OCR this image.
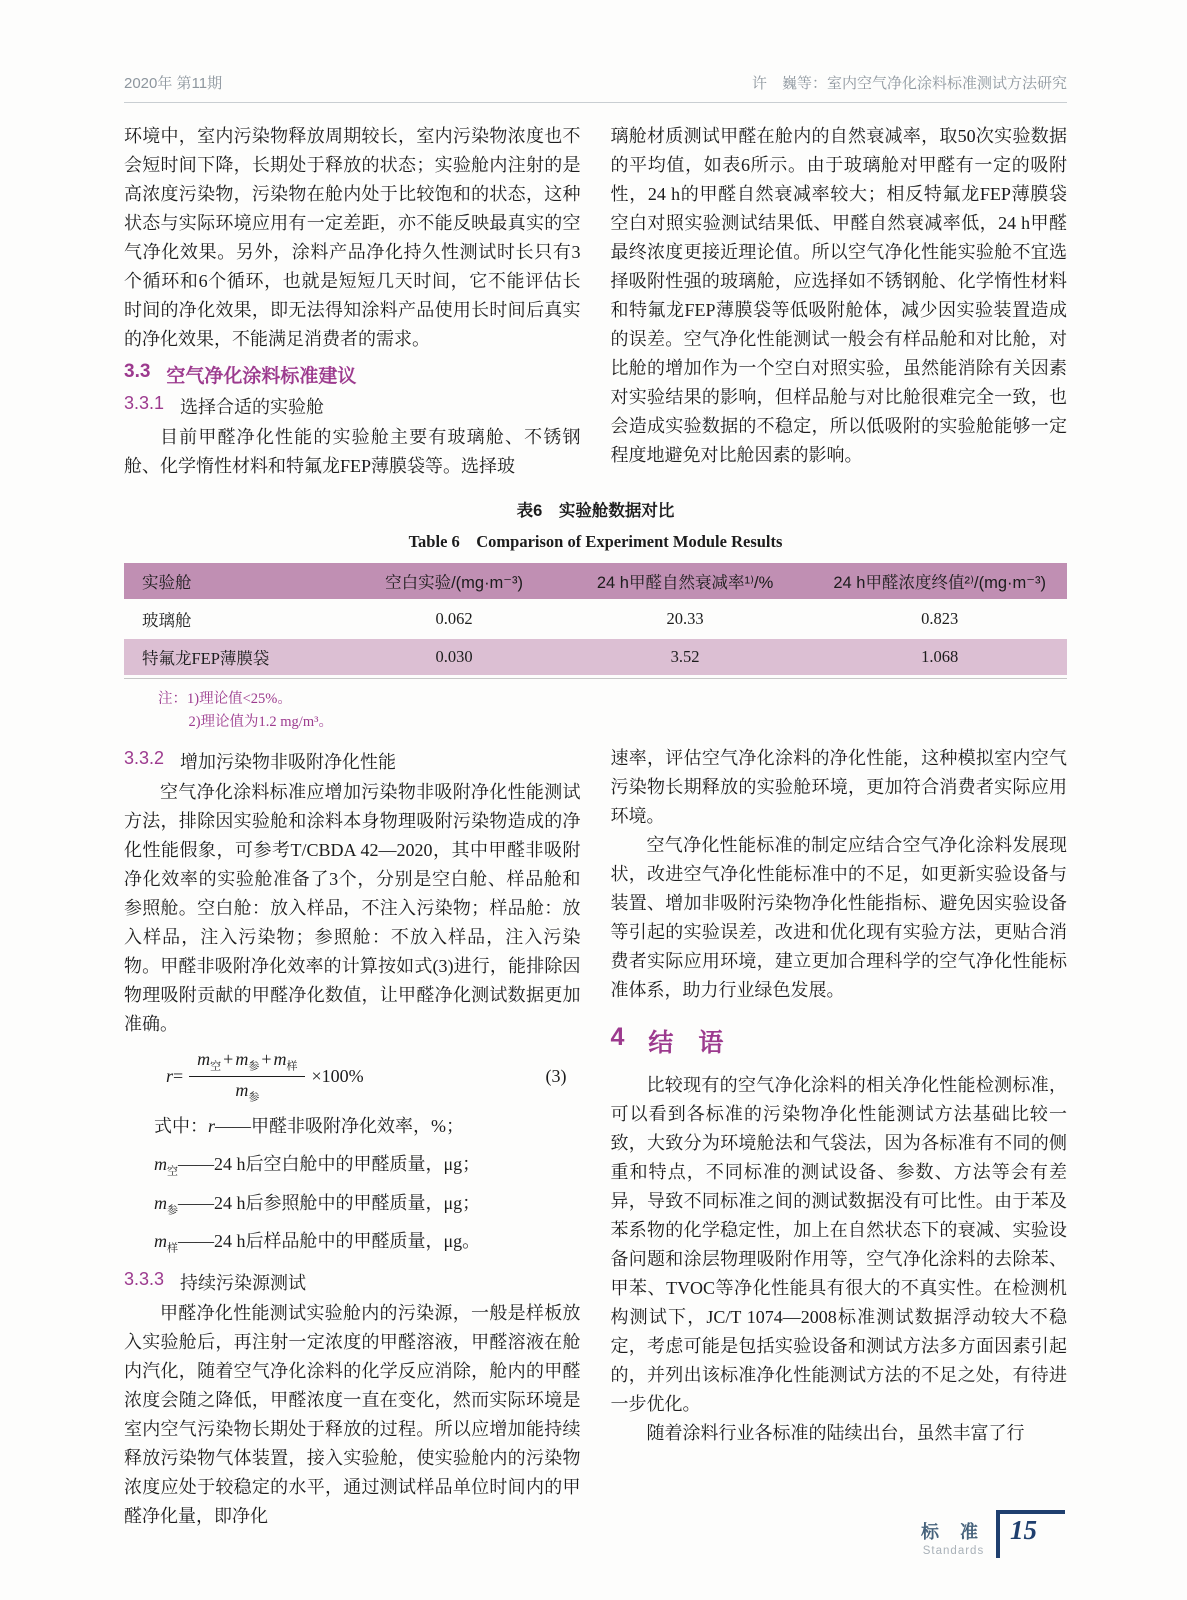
2020年 第11期	许　巍等：室内空气净化涂料标准测试方法研究

环境中，室内污染物释放周期较长，室内污染物浓度也不会短时间下降，长期处于释放的状态；实验舱内注射的是高浓度污染物，污染物在舱内处于比较饱和的状态，这种状态与实际环境应用有一定差距，亦不能反映最真实的空气净化效果。另外，涂料产品净化持久性测试时长只有3个循环和6个循环，也就是短短几天时间，它不能评估长时间的净化效果，即无法得知涂料产品使用长时间后真实的净化效果，不能满足消费者的需求。

3.3 空气净化涂料标准建议
3.3.1 选择合适的实验舱

目前甲醛净化性能的实验舱主要有玻璃舱、不锈钢舱、化学惰性材料和特氟龙FEP薄膜袋等。选择玻

璃舱材质测试甲醛在舱内的自然衰减率，取50次实验数据的平均值，如表6所示。由于玻璃舱对甲醛有一定的吸附性，24 h的甲醛自然衰减率较大；相反特氟龙FEP薄膜袋空白对照实验测试结果低、甲醛自然衰减率低，24 h甲醛最终浓度更接近理论值。所以空气净化性能实验舱不宜选择吸附性强的玻璃舱，应选择如不锈钢舱、化学惰性材料和特氟龙FEP薄膜袋等低吸附舱体，减少因实验装置造成的误差。空气净化性能测试一般会有样品舱和对比舱，对比舱的增加作为一个空白对照实验，虽然能消除有关因素对实验结果的影响，但样品舱与对比舱很难完全一致，也会造成实验数据的不稳定，所以低吸附的实验舱能够一定程度地避免对比舱因素的影响。

表6　实验舱数据对比
Table 6　Comparison of Experiment Module Results
实验舱	空白实验/(mg·m⁻³)	24 h甲醛自然衰减率¹⁾/%	24 h甲醛浓度终值²⁾/(mg·m⁻³)
玻璃舱	0.062	20.33	0.823
特氟龙FEP薄膜袋	0.030	3.52	1.068
注：1)理论值<25%。
2)理论值为1.2 mg/m³。
3.3.2 增加污染物非吸附净化性能

空气净化涂料标准应增加污染物非吸附净化性能测试方法，排除因实验舱和涂料本身物理吸附污染物造成的净化性能假象，可参考T/CBDA 42—2020，其中甲醛非吸附净化效率的实验舱准备了3个，分别是空白舱、样品舱和参照舱。空白舱：放入样品，不注入污染物；样品舱：放入样品，注入污染物；参照舱：不放入样品，注入污染物。甲醛非吸附净化效率的计算按如式(3)进行，能排除因物理吸附贡献的甲醛净化数值，让甲醛净化测试数据更加准确。

$r= \frac{m_空 + m_参 + m_样}{m_参} \times 100\%$	(3)

式中：r——甲醛非吸附净化效率，%；

$m_空——24$ h后空白舱中的甲醛质量，μg；

$m_参——24$ h后参照舱中的甲醛质量，μg；

$m_样——24$ h后样品舱中的甲醛质量，μg。

3.3.3 持续污染源测试

甲醛净化性能测试实验舱内的污染源，一般是样板放入实验舱后，再注射一定浓度的甲醛溶液，甲醛溶液在舱内汽化，随着空气净化涂料的化学反应消除，舱内的甲醛浓度会随之降低，甲醛浓度一直在变化，然而实际环境是室内空气污染物长期处于释放的过程。所以应增加能持续释放污染物气体装置，接入实验舱，使实验舱内的污染物浓度应处于较稳定的水平，通过测试样品单位时间内的甲醛净化量，即净化

速率，评估空气净化涂料的净化性能，这种模拟室内空气污染物长期释放的实验舱环境，更加符合消费者实际应用环境。

空气净化性能标准的制定应结合空气净化涂料发展现状，改进空气净化性能标准中的不足，如更新实验设备与装置、增加非吸附污染物净化性能指标、避免因实验设备等引起的实验误差，改进和优化现有实验方法，更贴合消费者实际应用环境，建立更加合理科学的空气净化性能标准体系，助力行业绿色发展。

4 结　语

比较现有的空气净化涂料的相关净化性能检测标准，可以看到各标准的污染物净化性能测试方法基础比较一致，大致分为环境舱法和气袋法，因为各标准有不同的侧重和特点，不同标准的测试设备、参数、方法等会有差异，导致不同标准之间的测试数据没有可比性。由于苯及苯系物的化学稳定性，加上在自然状态下的衰减、实验设备问题和涂层物理吸附作用等，空气净化涂料的去除苯、甲苯、TVOC等净化性能具有很大的不真实性。在检测机构测试下，JC/T 1074—2008标准测试数据浮动较大不稳定，考虑可能是包括实验设备和测试方法多方面因素引起的，并列出该标准净化性能测试方法的不足之处，有待进一步优化。

随着涂料行业各标准的陆续出台，虽然丰富了行

标 准
Standards
15
